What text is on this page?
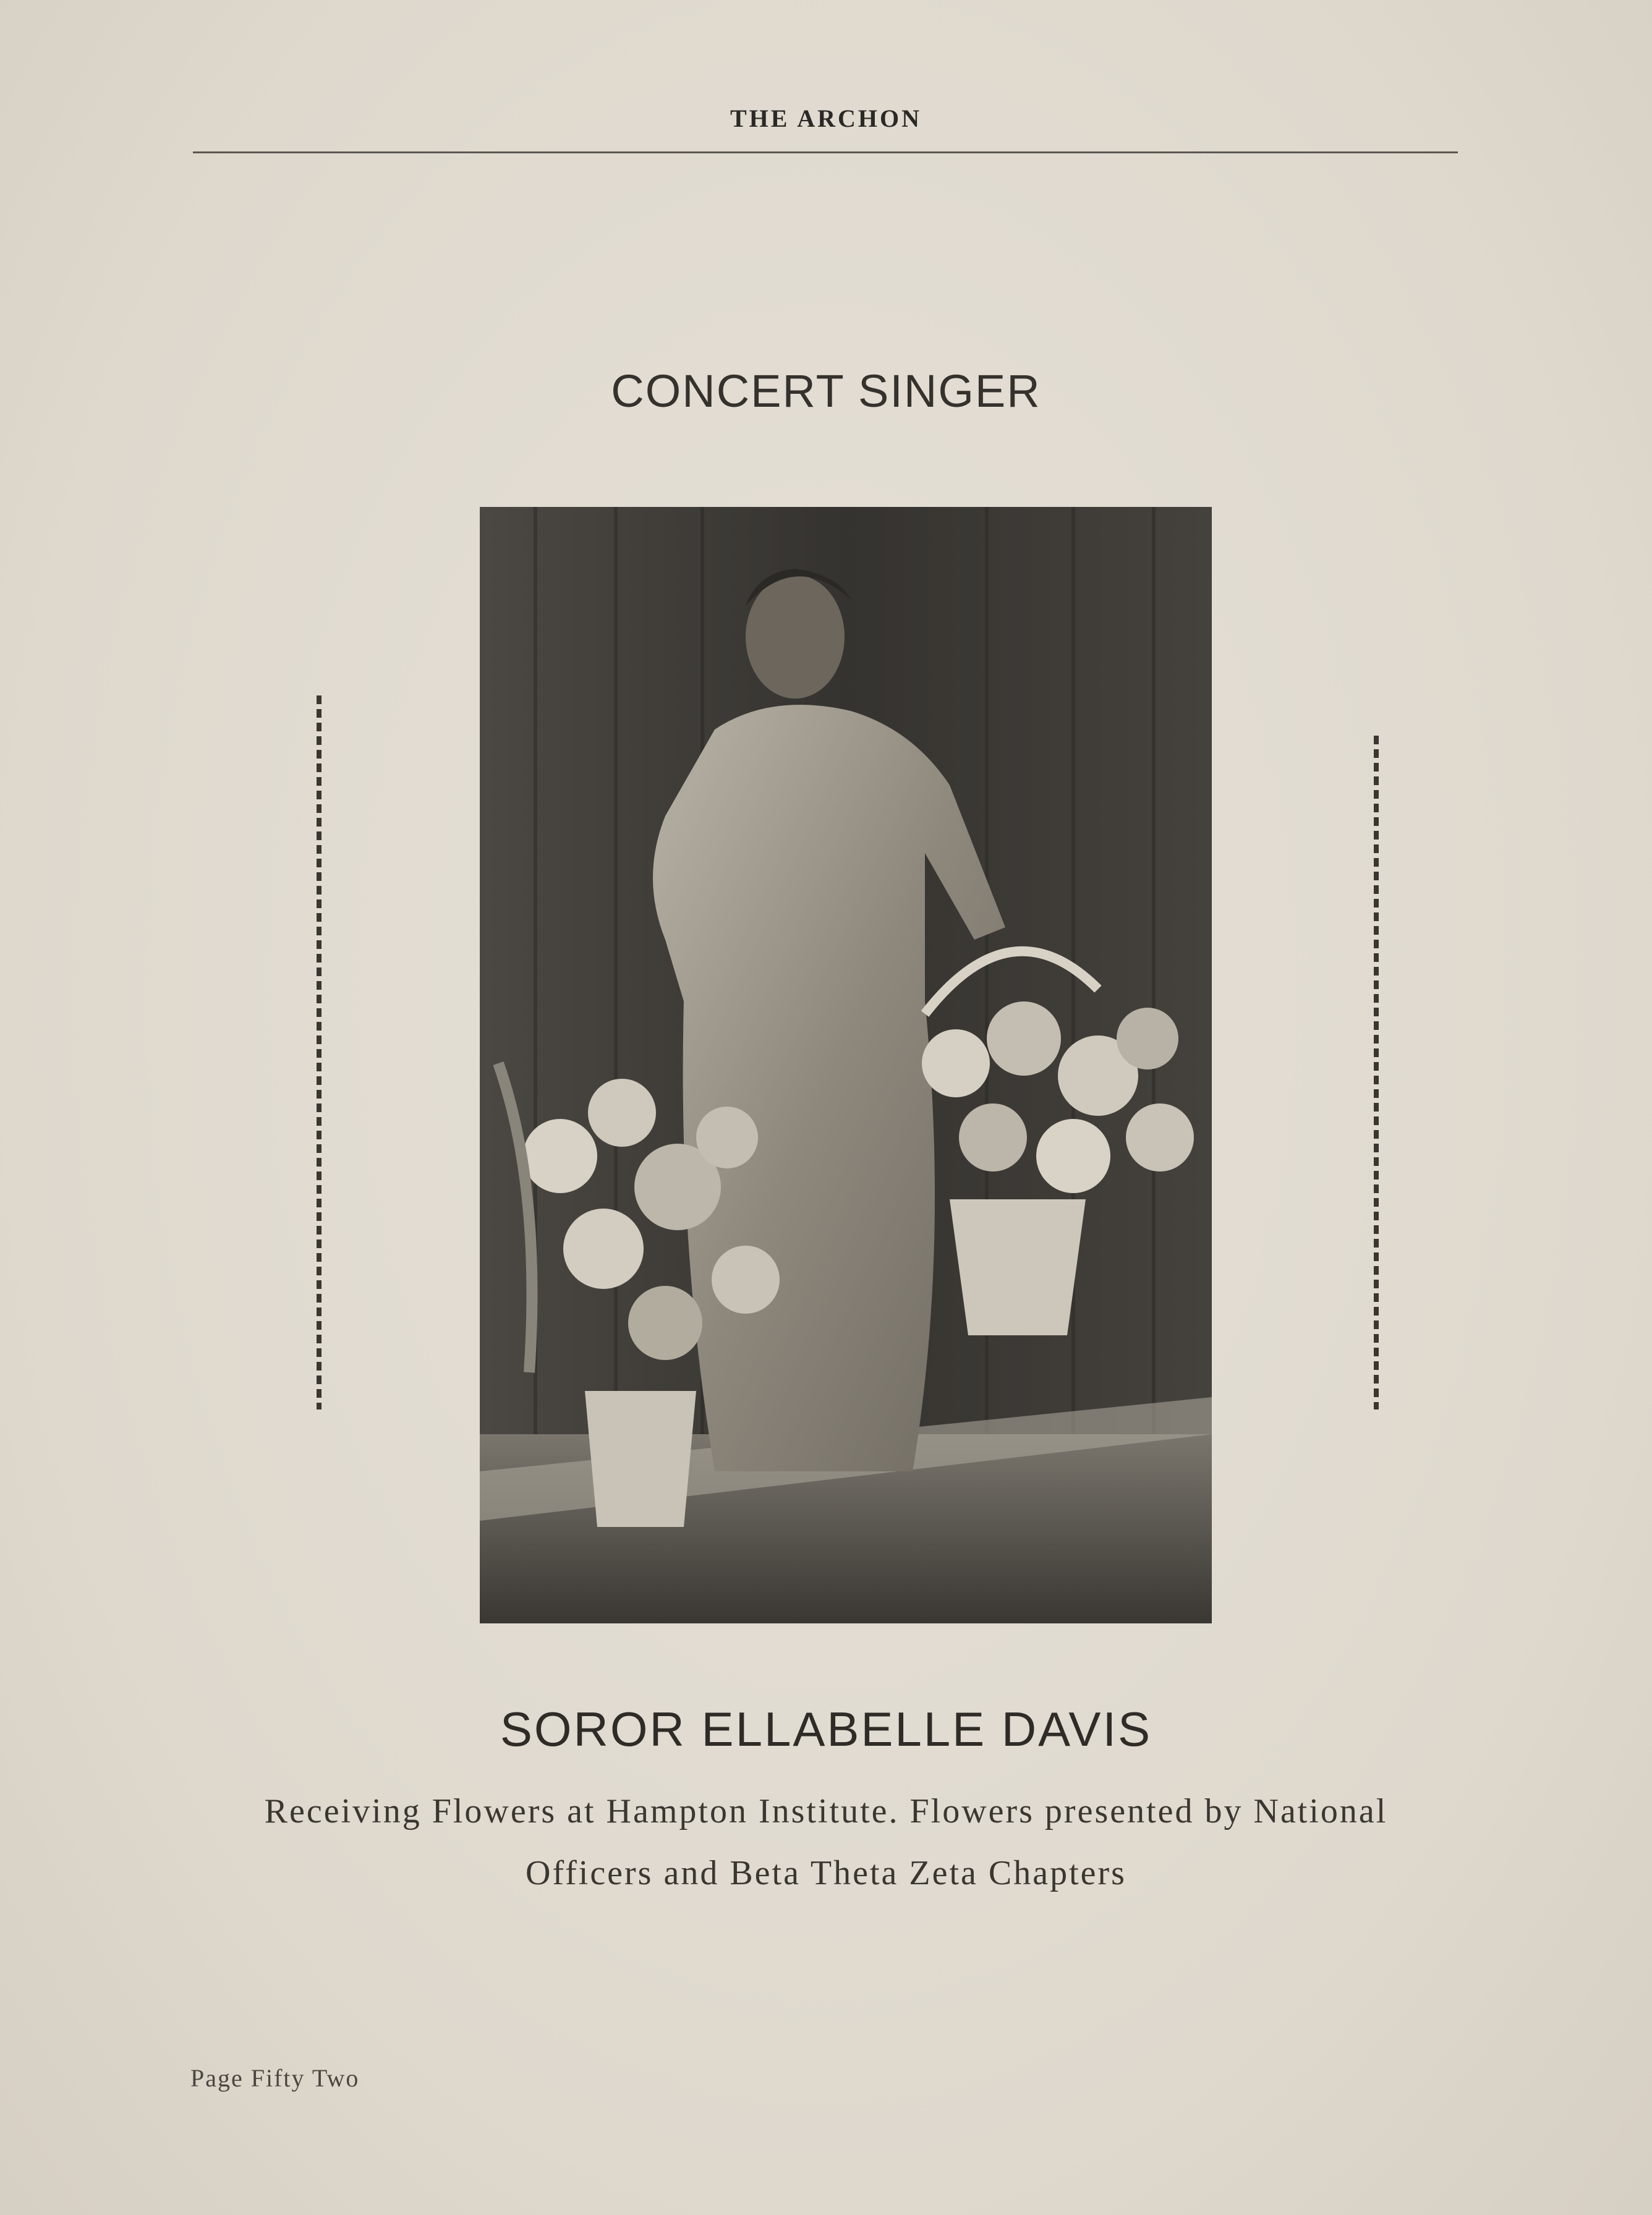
THE ARCHON
CONCERT SINGER
SOROR ELLABELLE DAVIS
Receiving Flowers at Hampton Institute. Flowers presented by National Officers and Beta Theta Zeta Chapters
Page Fifty Two
